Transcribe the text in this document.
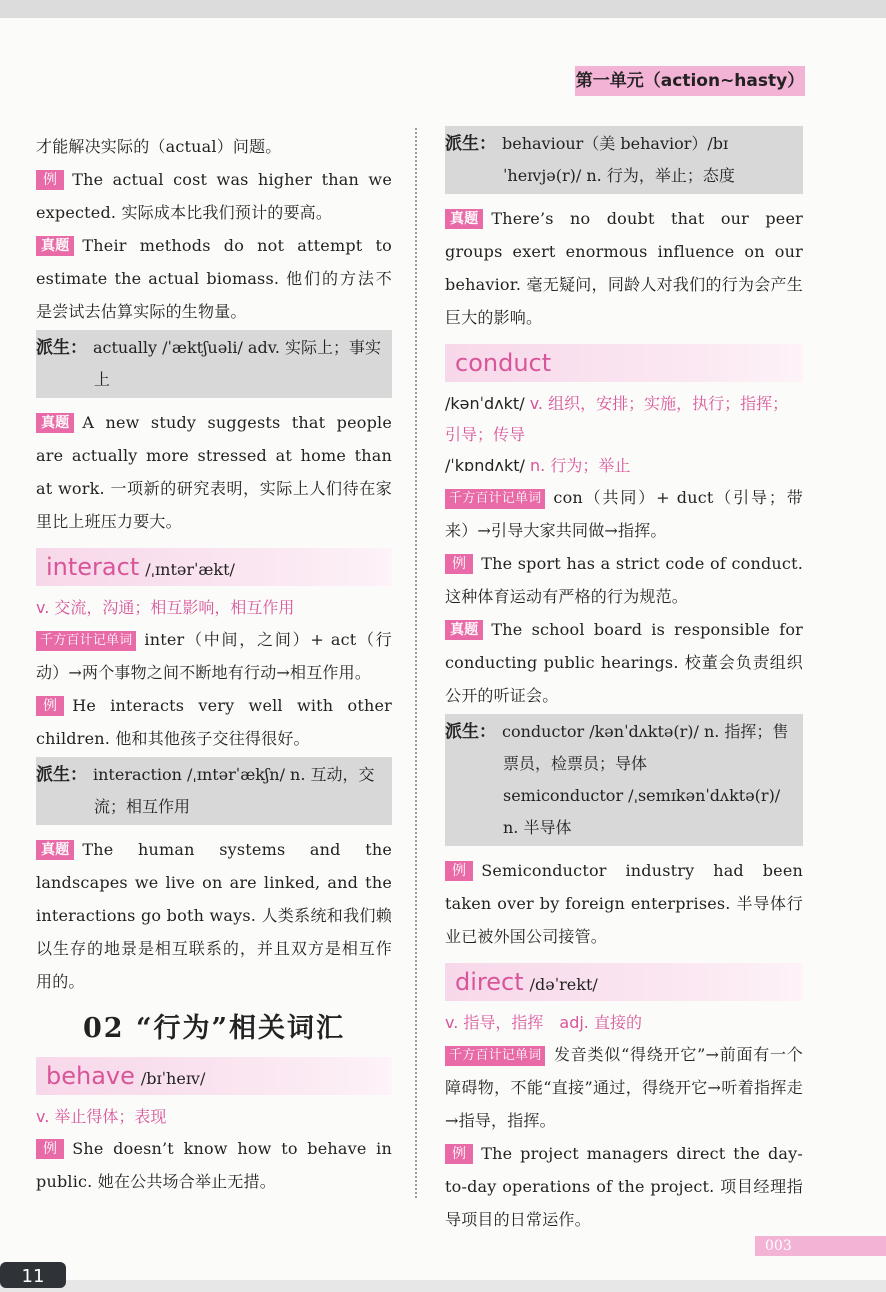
第一单元（action~hasty）

才能解决实际的（actual）问题。

例 The actual cost was higher than we expected. 实际成本比我们预计的要高。

真题 Their methods do not attempt to estimate the actual biomass. 他们的方法不是尝试去估算实际的生物量。

派生： actually /ˈæktʃuəli/ adv. 实际上；事实上

真题 A new study suggests that people are actually more stressed at home than at work. 一项新的研究表明，实际上人们待在家里比上班压力要大。

interact /ˌɪntərˈækt/

v. 交流，沟通；相互影响，相互作用

千方百计记单词 inter（中间，之间）+ act（行动）→两个事物之间不断地有行动→相互作用。

例 He interacts very well with other children. 他和其他孩子交往得很好。

派生： interaction /ˌɪntərˈækʃn/ n. 互动，交流；相互作用

真题 The human systems and the landscapes we live on are linked, and the interactions go both ways. 人类系统和我们赖以生存的地景是相互联系的，并且双方是相互作用的。

02 “行为”相关词汇
behave /bɪˈheɪv/

v. 举止得体；表现

例 She doesn’t know how to behave in public. 她在公共场合举止无措。

派生： behaviour（美 behavior）/bɪˈheɪvjə(r)/ n. 行为，举止；态度

真题 There’s no doubt that our peer groups exert enormous influence on our behavior. 毫无疑问，同龄人对我们的行为会产生巨大的影响。

conduct

/kənˈdʌkt/ v. 组织，安排；实施，执行；指挥；引导；传导

/ˈkɒndʌkt/ n. 行为；举止

千方百计记单词 con（共同）+ duct（引导；带来）→引导大家共同做→指挥。

例 The sport has a strict code of conduct. 这种体育运动有严格的行为规范。

真题 The school board is responsible for conducting public hearings. 校董会负责组织公开的听证会。

派生： conductor /kənˈdʌktə(r)/ n. 指挥；售票员，检票员；导体
semiconductor /ˌsemɪkənˈdʌktə(r)/ n. 半导体

例 Semiconductor industry had been taken over by foreign enterprises. 半导体行业已被外国公司接管。

direct /dəˈrekt/

v. 指导，指挥　adj. 直接的

千方百计记单词 发音类似“得绕开它”→前面有一个障碍物，不能“直接”通过，得绕开它→听着指挥走→指导，指挥。

例 The project managers direct the day-to-day operations of the project. 项目经理指导项目的日常运作。

003
11
